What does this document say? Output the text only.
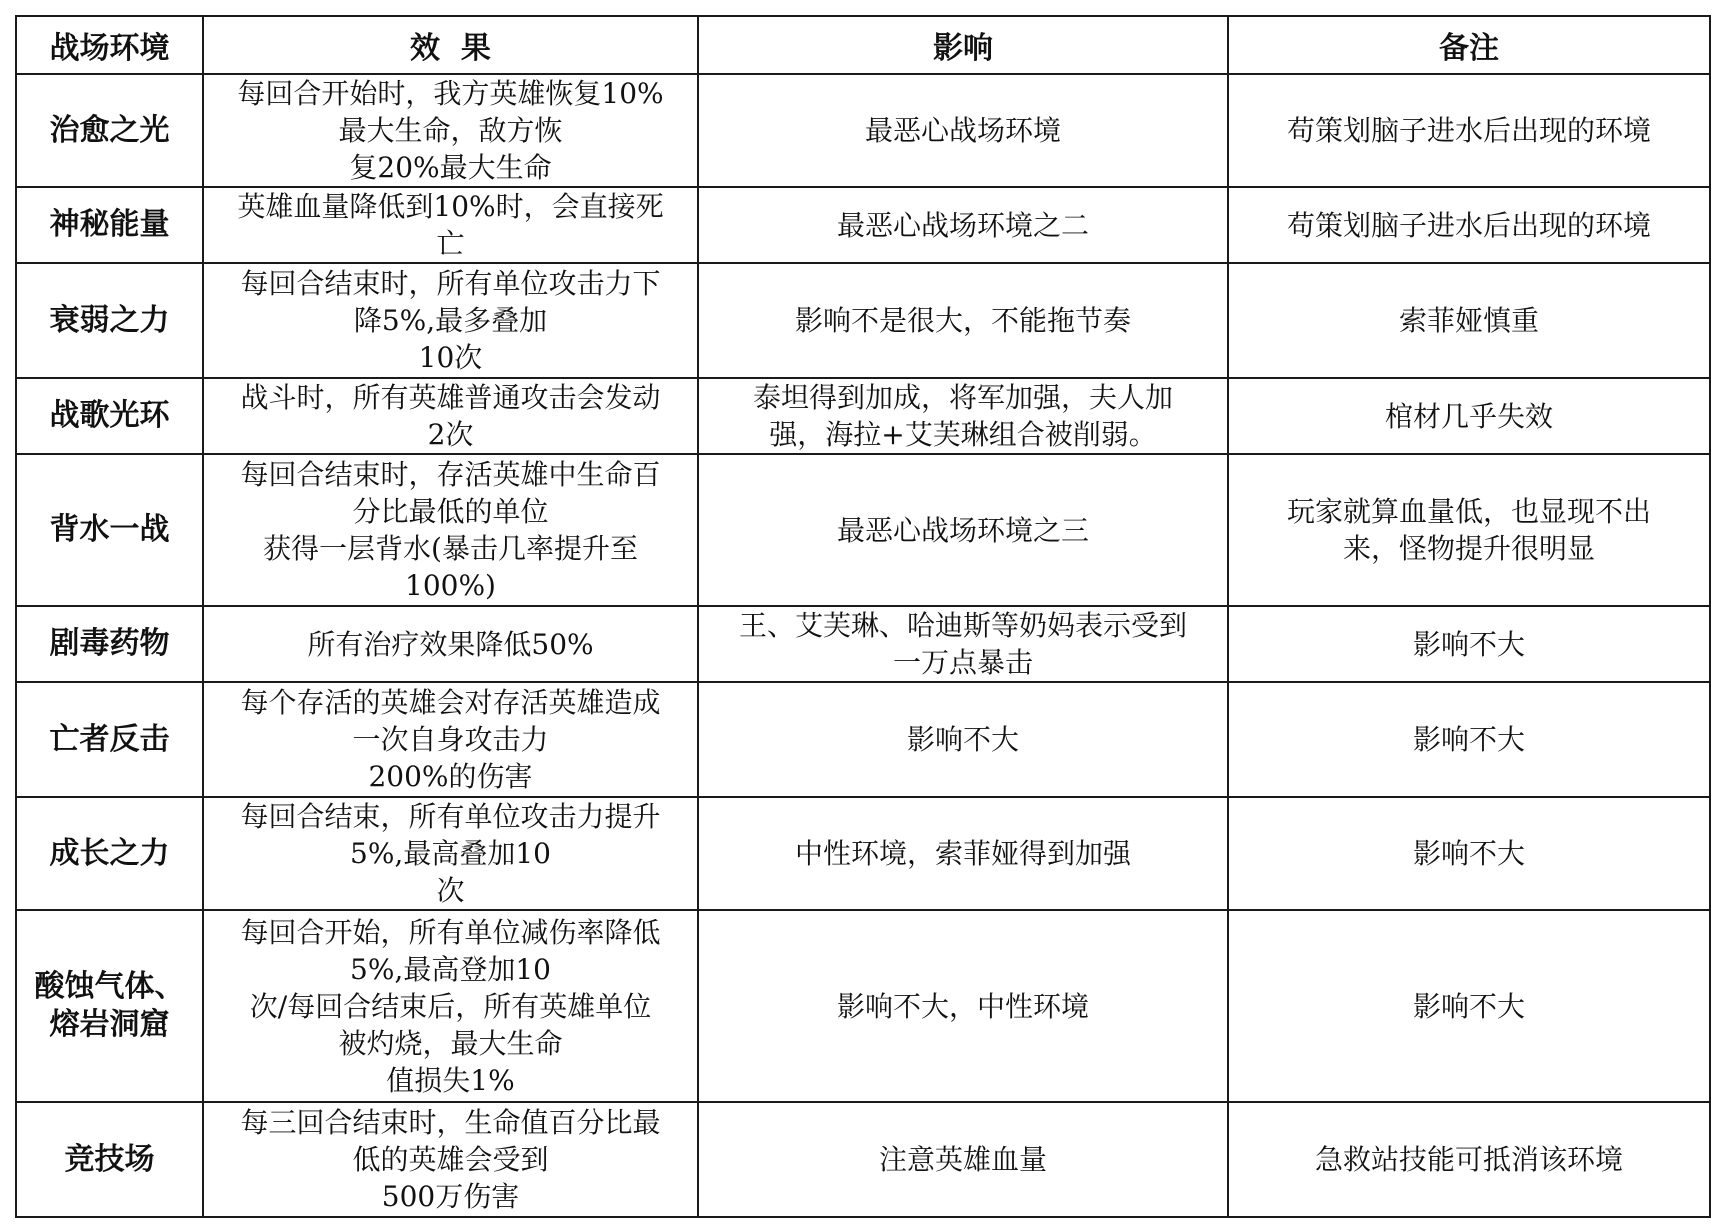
战场环境	效  果	影响	备注

治愈之光	每回合开始时，我方英雄恢复10%
最大生命，敌方恢
复20%最大生命	最恶心战场环境	苟策划脑子进水后出现的环境

神秘能量	英雄血量降低到10%时，会直接死
亡	最恶心战场环境之二	苟策划脑子进水后出现的环境

衰弱之力	每回合结束时，所有单位攻击力下
降5%,最多叠加
10次	影响不是很大，不能拖节奏	索菲娅慎重

战歌光环	战斗时，所有英雄普通攻击会发动
2次	泰坦得到加成，将军加强，夫人加
强，海拉+艾芙琳组合被削弱。	棺材几乎失效

背水一战	每回合结束时，存活英雄中生命百
分比最低的单位
获得一层背水(暴击几率提升至
100%)	最恶心战场环境之三	玩家就算血量低，也显现不出
来，怪物提升很明显

剧毒药物	所有治疗效果降低50%	王、艾芙琳、哈迪斯等奶妈表示受到
一万点暴击	影响不大

亡者反击	每个存活的英雄会对存活英雄造成
一次自身攻击力
200%的伤害	影响不大	影响不大

成长之力	每回合结束，所有单位攻击力提升
5%,最高叠加10
次	中性环境，索菲娅得到加强	影响不大

酸蚀气体、
熔岩洞窟	每回合开始，所有单位减伤率降低
5%,最高登加10
次/每回合结束后，所有英雄单位
被灼烧，最大生命
值损失1%	影响不大，中性环境	影响不大

竞技场	每三回合结束时，生命值百分比最
低的英雄会受到
500万伤害	注意英雄血量	急救站技能可抵消该环境
